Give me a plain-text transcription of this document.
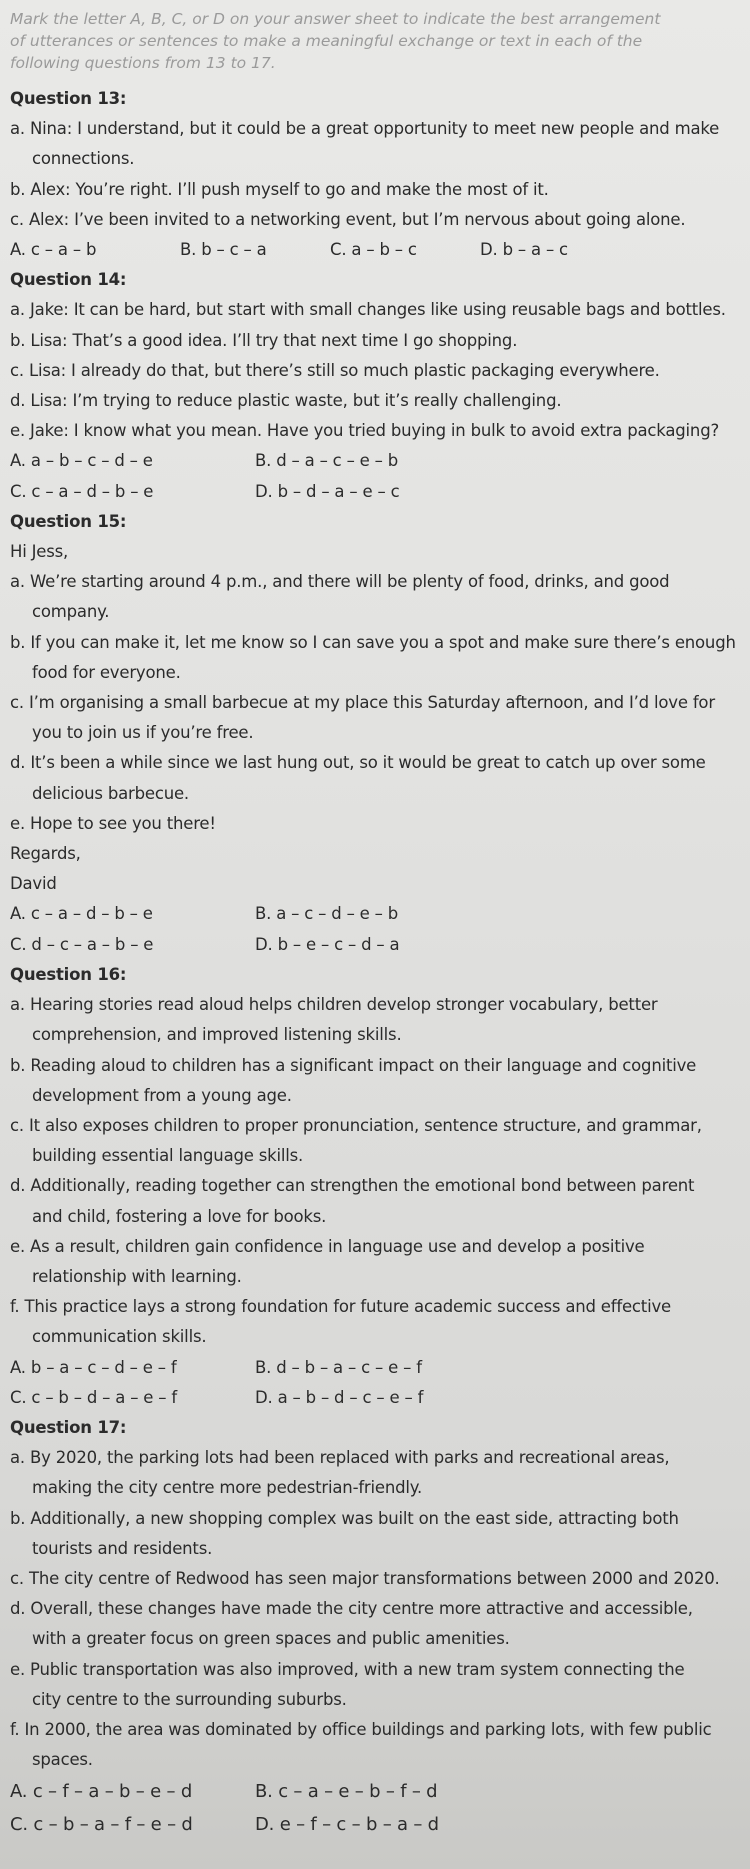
Mark the letter A, B, C, or D on your answer sheet to indicate the best arrangement
of utterances or sentences to make a meaningful exchange or text in each of the
following questions from 13 to 17.
Question 13:
a. Nina: I understand, but it could be a great opportunity to meet new people and make
connections.
b. Alex: You’re right. I’ll push myself to go and make the most of it.
c. Alex: I’ve been invited to a networking event, but I’m nervous about going alone.
A. c – a – b	B. b – c – a	C. a – b – c	D. b – a – c
Question 14:
a. Jake: It can be hard, but start with small changes like using reusable bags and bottles.
b. Lisa: That’s a good idea. I’ll try that next time I go shopping.
c. Lisa: I already do that, but there’s still so much plastic packaging everywhere.
d. Lisa: I’m trying to reduce plastic waste, but it’s really challenging.
e. Jake: I know what you mean. Have you tried buying in bulk to avoid extra packaging?
A. a – b – c – d – e	B. d – a – c – e – b
C. c – a – d – b – e	D. b – d – a – e – c
Question 15:
Hi Jess,
a. We’re starting around 4 p.m., and there will be plenty of food, drinks, and good
company.
b. If you can make it, let me know so I can save you a spot and make sure there’s enough
food for everyone.
c. I’m organising a small barbecue at my place this Saturday afternoon, and I’d love for
you to join us if you’re free.
d. It’s been a while since we last hung out, so it would be great to catch up over some
delicious barbecue.
e. Hope to see you there!
Regards,
David
A. c – a – d – b – e	B. a – c – d – e – b
C. d – c – a – b – e	D. b – e – c – d – a
Question 16:
a. Hearing stories read aloud helps children develop stronger vocabulary, better
comprehension, and improved listening skills.
b. Reading aloud to children has a significant impact on their language and cognitive
development from a young age.
c. It also exposes children to proper pronunciation, sentence structure, and grammar,
building essential language skills.
d. Additionally, reading together can strengthen the emotional bond between parent
and child, fostering a love for books.
e. As a result, children gain confidence in language use and develop a positive
relationship with learning.
f. This practice lays a strong foundation for future academic success and effective
communication skills.
A. b – a – c – d – e – f	B. d – b – a – c – e – f
C. c – b – d – a – e – f	D. a – b – d – c – e – f
Question 17:
a. By 2020, the parking lots had been replaced with parks and recreational areas,
making the city centre more pedestrian-friendly.
b. Additionally, a new shopping complex was built on the east side, attracting both
tourists and residents.
c. The city centre of Redwood has seen major transformations between 2000 and 2020.
d. Overall, these changes have made the city centre more attractive and accessible,
with a greater focus on green spaces and public amenities.
e. Public transportation was also improved, with a new tram system connecting the
city centre to the surrounding suburbs.
f. In 2000, the area was dominated by office buildings and parking lots, with few public
spaces.
A. c – f – a – b – e – d	B. c – a – e – b – f – d
C. c – b – a – f – e – d	D. e – f – c – b – a – d
